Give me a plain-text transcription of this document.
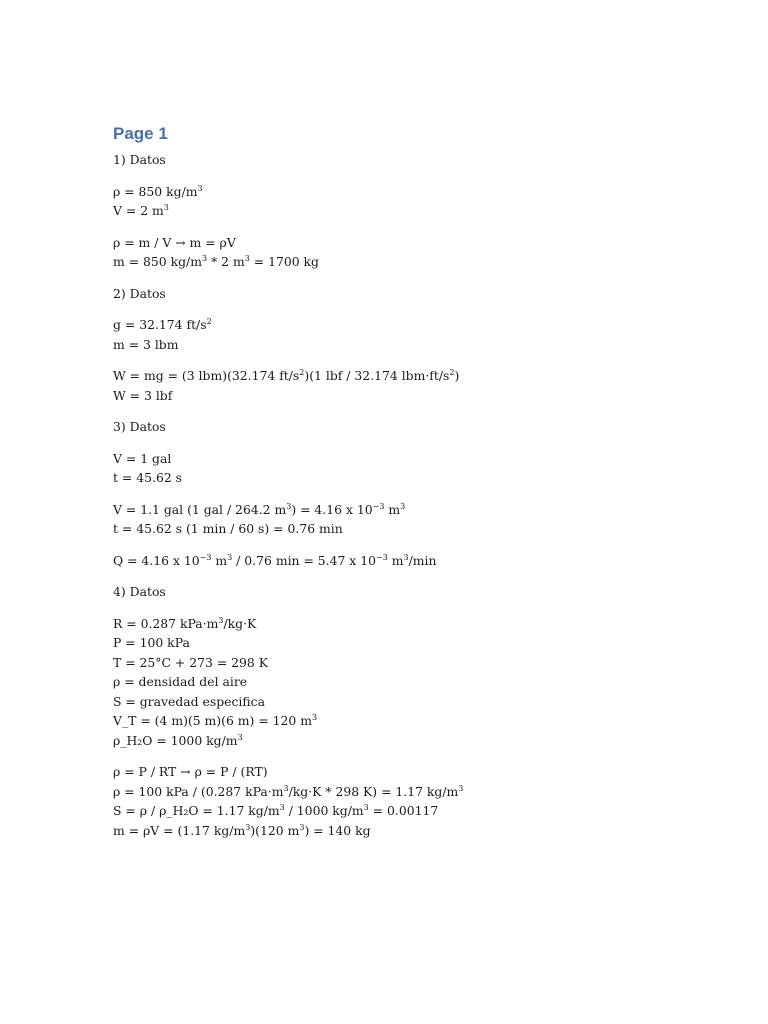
Page 1
1) Datos
ρ = 850 $kg/m^3$
V = 2 $m^3$
ρ = m / V → m = ρV
m = 850 $kg/m^3 * 2$ $m^3 = 1700$ kg
2) Datos
g = 32.174 $ft/s^2$
m = 3 lbm
W = mg = (3 lbm)(32.174 $ft/s^2)(1$ lbf / 32.174 $lbm\cdot ft/s^2$)
W = 3 lbf
3) Datos
V = 1 gal
t = 45.62 s
V = 1.1 gal (1 gal / 264.2 $m^3) = 4.16$ x $10^{-3}$ $m^3$
t = 45.62 s (1 min / 60 s) = 0.76 min
Q = 4.16 x $10^{-3}$ $m^3 / 0.76$ min = 5.47 x $10^{-3}$ $m^3/\min$
4) Datos
R = 0.287 $kPa\cdot m^3/kg\cdot K$
P = 100 kPa
T = 25°C + 273 = 298 K
ρ = densidad del aire
S = gravedad especifica
V_T = (4 m)(5 m)(6 m) = 120 $m^3$
ρ_H₂O = 1000 $kg/m^3$
ρ = P / RT → ρ = P / (RT)
ρ = 100 kPa / (0.287 $kPa\cdot m^3/kg\cdot K * 298$ K) = 1.17 $kg/m^3$
S = ρ / ρ_H₂O = 1.17 $kg/m^3 / 1000$ $kg/m^3 = 0.00117$
m = ρV = (1.17 $kg/m^3)(120$ $m^3) = 140$ kg
